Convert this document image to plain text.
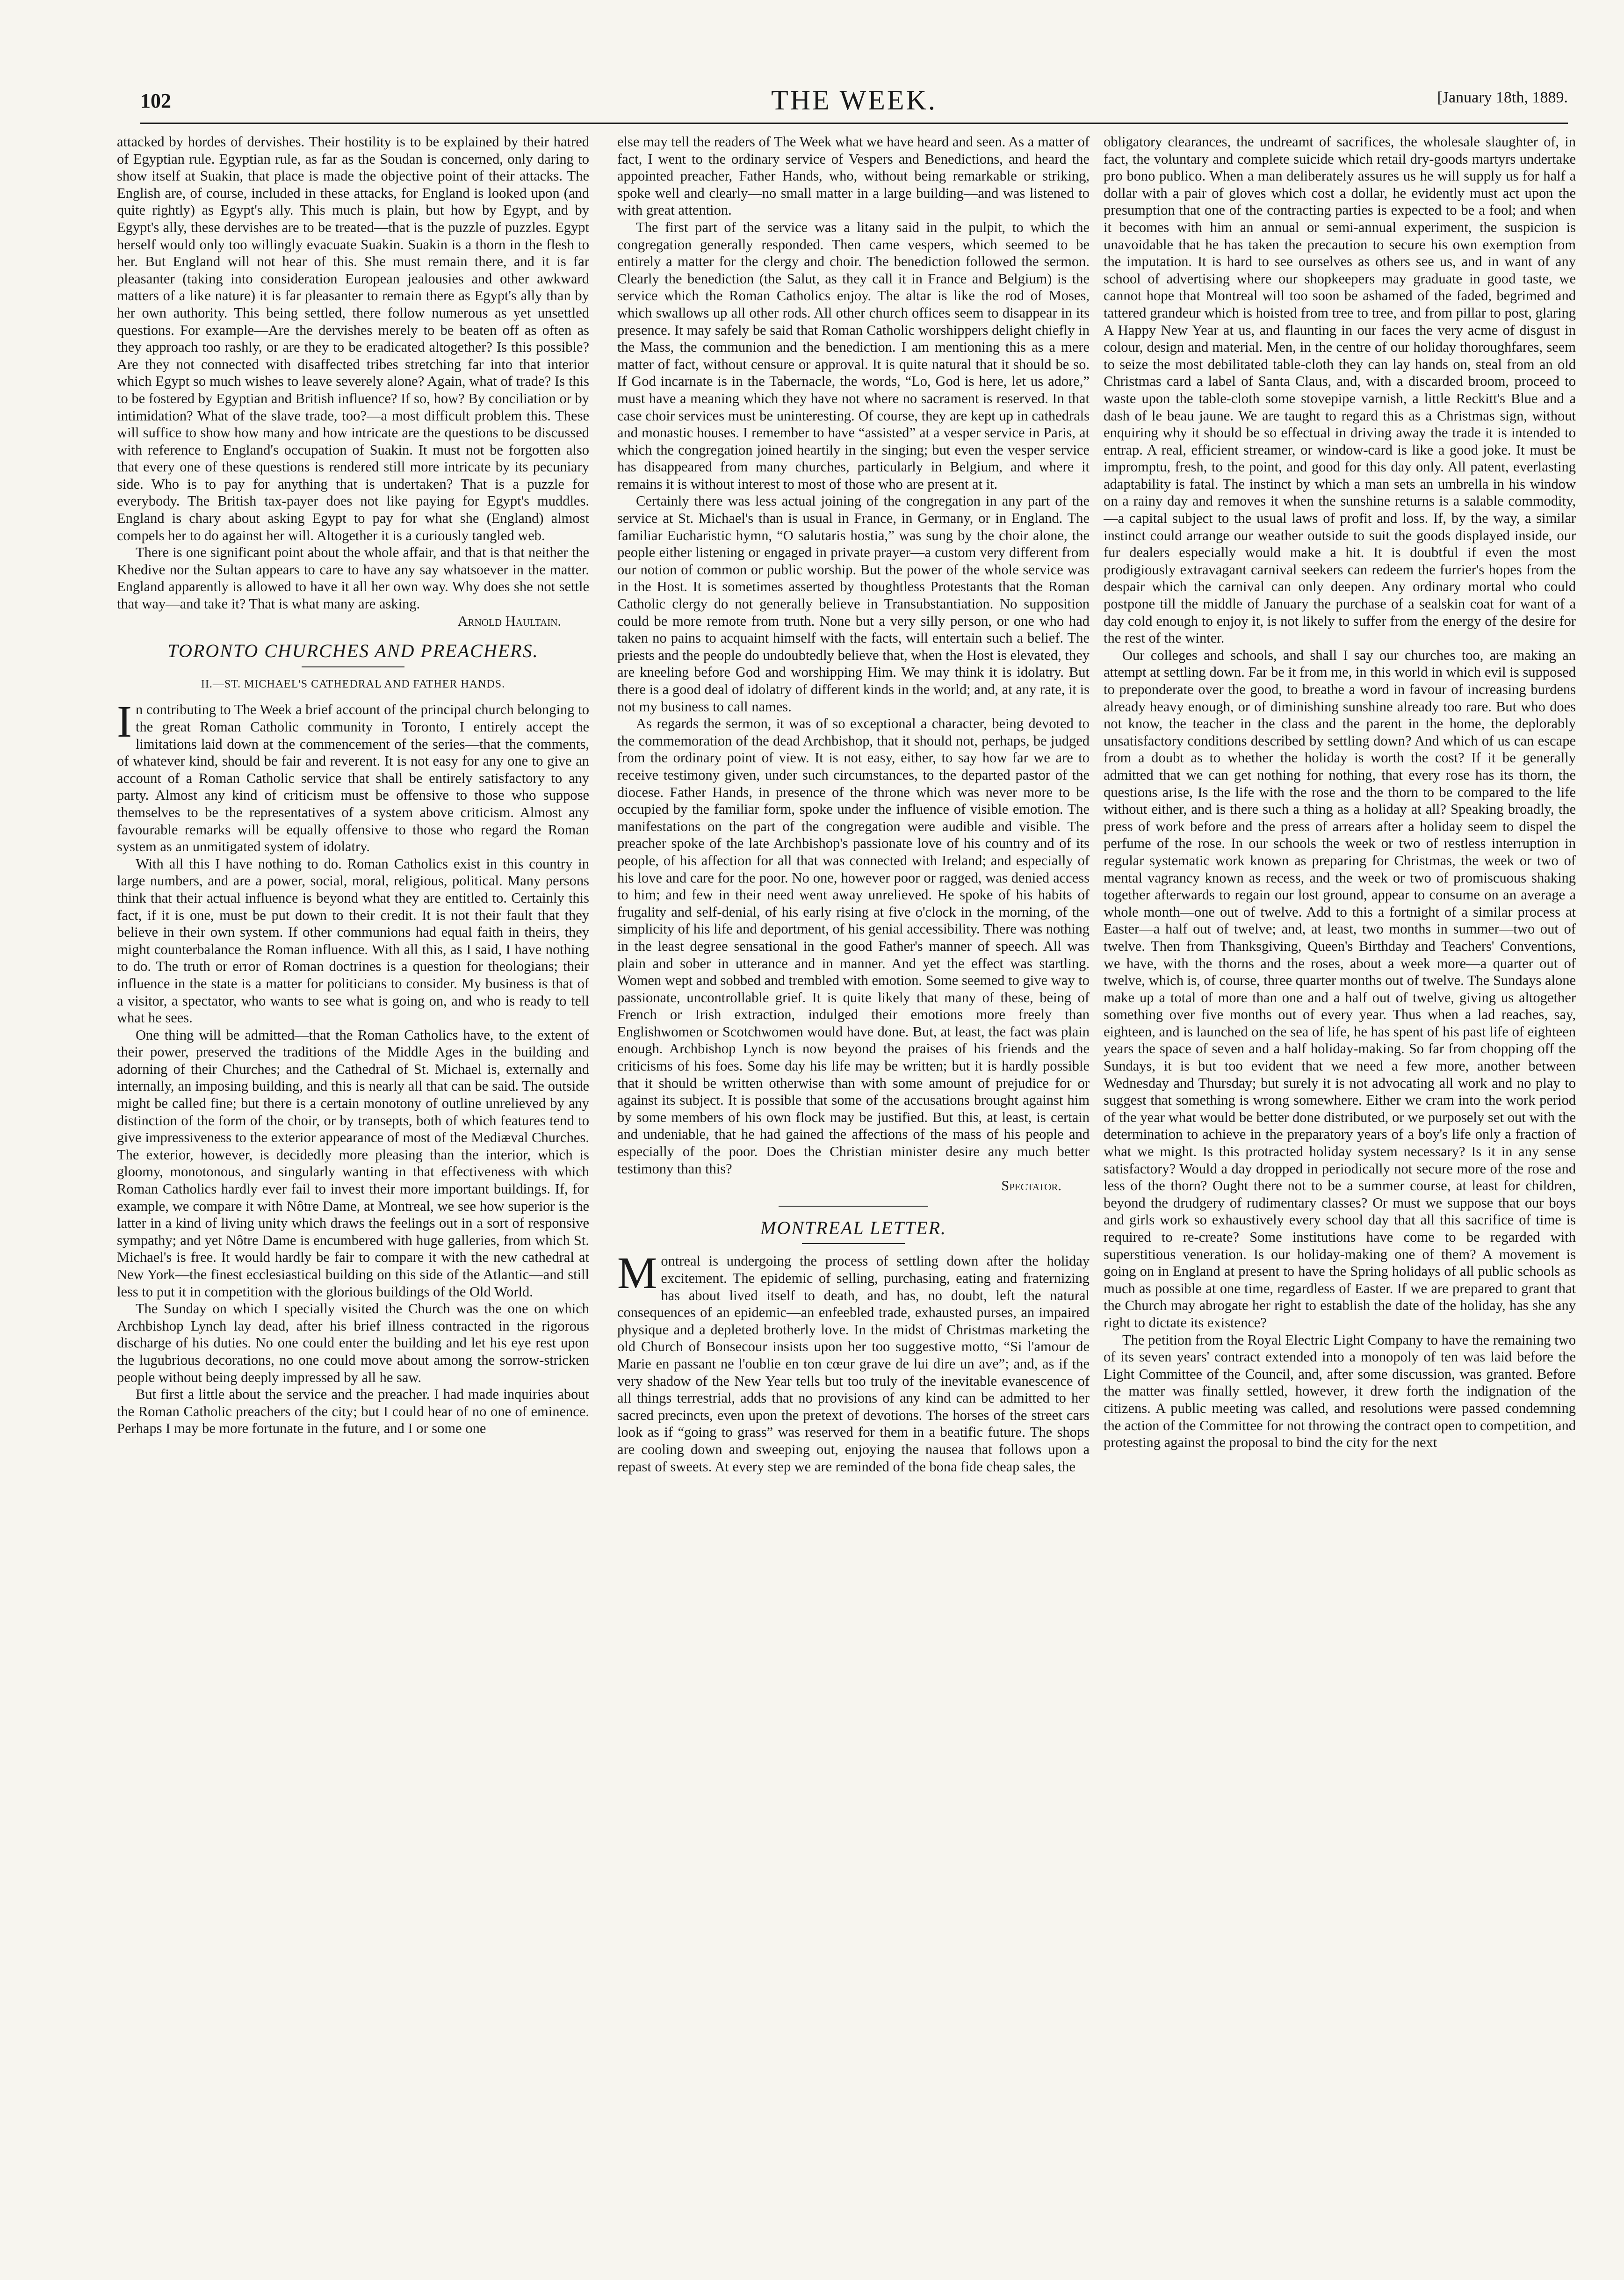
102	THE WEEK.	[January 18th, 1889.

attacked by hordes of dervishes. Their hostility is to be explained by their hatred of Egyptian rule. Egyptian rule, as far as the Soudan is concerned, only daring to show itself at Suakin, that place is made the objective point of their attacks. The English are, of course, included in these attacks, for England is looked upon (and quite rightly) as Egypt's ally. This much is plain, but how by Egypt, and by Egypt's ally, these dervishes are to be treated—that is the puzzle of puzzles. Egypt herself would only too willingly evacuate Suakin. Suakin is a thorn in the flesh to her. But England will not hear of this. She must remain there, and it is far pleasanter (taking into consideration European jealousies and other awkward matters of a like nature) it is far pleasanter to remain there as Egypt's ally than by her own authority. This being settled, there follow numerous as yet unsettled questions. For example—Are the dervishes merely to be beaten off as often as they approach too rashly, or are they to be eradicated altogether? Is this possible? Are they not connected with disaffected tribes stretching far into that interior which Egypt so much wishes to leave severely alone? Again, what of trade? Is this to be fostered by Egyptian and British influence? If so, how? By conciliation or by intimidation? What of the slave trade, too?—a most difficult problem this. These will suffice to show how many and how intricate are the questions to be discussed with reference to England's occupation of Suakin. It must not be forgotten also that every one of these questions is rendered still more intricate by its pecuniary side. Who is to pay for anything that is undertaken? That is a puzzle for everybody. The British tax-payer does not like paying for Egypt's muddles. England is chary about asking Egypt to pay for what she (England) almost compels her to do against her will. Altogether it is a curiously tangled web.

There is one significant point about the whole affair, and that is that neither the Khedive nor the Sultan appears to care to have any say whatsoever in the matter. England apparently is allowed to have it all her own way. Why does she not settle that way—and take it? That is what many are asking.

Arnold Haultain.
TORONTO CHURCHES AND PREACHERS.
II.—ST. MICHAEL'S CATHEDRAL AND FATHER HANDS.

In contributing to The Week a brief account of the principal church belonging to the great Roman Catholic community in Toronto, I entirely accept the limitations laid down at the commencement of the series—that the comments, of whatever kind, should be fair and reverent. It is not easy for any one to give an account of a Roman Catholic service that shall be entirely satisfactory to any party. Almost any kind of criticism must be offensive to those who suppose themselves to be the representatives of a system above criticism. Almost any favourable remarks will be equally offensive to those who regard the Roman system as an unmitigated system of idolatry.

With all this I have nothing to do. Roman Catholics exist in this country in large numbers, and are a power, social, moral, religious, political. Many persons think that their actual influence is beyond what they are entitled to. Certainly this fact, if it is one, must be put down to their credit. It is not their fault that they believe in their own system. If other communions had equal faith in theirs, they might counterbalance the Roman influence. With all this, as I said, I have nothing to do. The truth or error of Roman doctrines is a question for theologians; their influence in the state is a matter for politicians to consider. My business is that of a visitor, a spectator, who wants to see what is going on, and who is ready to tell what he sees.

One thing will be admitted—that the Roman Catholics have, to the extent of their power, preserved the traditions of the Middle Ages in the building and adorning of their Churches; and the Cathedral of St. Michael is, externally and internally, an imposing building, and this is nearly all that can be said. The outside might be called fine; but there is a certain monotony of outline unrelieved by any distinction of the form of the choir, or by transepts, both of which features tend to give impressiveness to the exterior appearance of most of the Mediæval Churches. The exterior, however, is decidedly more pleasing than the interior, which is gloomy, monotonous, and singularly wanting in that effectiveness with which Roman Catholics hardly ever fail to invest their more important buildings. If, for example, we compare it with Nôtre Dame, at Montreal, we see how superior is the latter in a kind of living unity which draws the feelings out in a sort of responsive sympathy; and yet Nôtre Dame is encumbered with huge galleries, from which St. Michael's is free. It would hardly be fair to compare it with the new cathedral at New York—the finest ecclesiastical building on this side of the Atlantic—and still less to put it in competition with the glorious buildings of the Old World.

The Sunday on which I specially visited the Church was the one on which Archbishop Lynch lay dead, after his brief illness contracted in the rigorous discharge of his duties. No one could enter the building and let his eye rest upon the lugubrious decorations, no one could move about among the sorrow-stricken people without being deeply impressed by all he saw.

But first a little about the service and the preacher. I had made inquiries about the Roman Catholic preachers of the city; but I could hear of no one of eminence. Perhaps I may be more fortunate in the future, and I or some one

else may tell the readers of The Week what we have heard and seen. As a matter of fact, I went to the ordinary service of Vespers and Benedictions, and heard the appointed preacher, Father Hands, who, without being remarkable or striking, spoke well and clearly—no small matter in a large building—and was listened to with great attention.

The first part of the service was a litany said in the pulpit, to which the congregation generally responded. Then came vespers, which seemed to be entirely a matter for the clergy and choir. The benediction followed the sermon. Clearly the benediction (the Salut, as they call it in France and Belgium) is the service which the Roman Catholics enjoy. The altar is like the rod of Moses, which swallows up all other rods. All other church offices seem to disappear in its presence. It may safely be said that Roman Catholic worshippers delight chiefly in the Mass, the communion and the benediction. I am mentioning this as a mere matter of fact, without censure or approval. It is quite natural that it should be so. If God incarnate is in the Tabernacle, the words, “Lo, God is here, let us adore,” must have a meaning which they have not where no sacrament is reserved. In that case choir services must be uninteresting. Of course, they are kept up in cathedrals and monastic houses. I remember to have “assisted” at a vesper service in Paris, at which the congregation joined heartily in the singing; but even the vesper service has disappeared from many churches, particularly in Belgium, and where it remains it is without interest to most of those who are present at it.

Certainly there was less actual joining of the congregation in any part of the service at St. Michael's than is usual in France, in Germany, or in England. The familiar Eucharistic hymn, “O salutaris hostia,” was sung by the choir alone, the people either listening or engaged in private prayer—a custom very different from our notion of common or public worship. But the power of the whole service was in the Host. It is sometimes asserted by thoughtless Protestants that the Roman Catholic clergy do not generally believe in Transubstantiation. No supposition could be more remote from truth. None but a very silly person, or one who had taken no pains to acquaint himself with the facts, will entertain such a belief. The priests and the people do undoubtedly believe that, when the Host is elevated, they are kneeling before God and worshipping Him. We may think it is idolatry. But there is a good deal of idolatry of different kinds in the world; and, at any rate, it is not my business to call names.

As regards the sermon, it was of so exceptional a character, being devoted to the commemoration of the dead Archbishop, that it should not, perhaps, be judged from the ordinary point of view. It is not easy, either, to say how far we are to receive testimony given, under such circumstances, to the departed pastor of the diocese. Father Hands, in presence of the throne which was never more to be occupied by the familiar form, spoke under the influence of visible emotion. The manifestations on the part of the congregation were audible and visible. The preacher spoke of the late Archbishop's passionate love of his country and of its people, of his affection for all that was connected with Ireland; and especially of his love and care for the poor. No one, however poor or ragged, was denied access to him; and few in their need went away unrelieved. He spoke of his habits of frugality and self-denial, of his early rising at five o'clock in the morning, of the simplicity of his life and deportment, of his genial accessibility. There was nothing in the least degree sensational in the good Father's manner of speech. All was plain and sober in utterance and in manner. And yet the effect was startling. Women wept and sobbed and trembled with emotion. Some seemed to give way to passionate, uncontrollable grief. It is quite likely that many of these, being of French or Irish extraction, indulged their emotions more freely than Englishwomen or Scotchwomen would have done. But, at least, the fact was plain enough. Archbishop Lynch is now beyond the praises of his friends and the criticisms of his foes. Some day his life may be written; but it is hardly possible that it should be written otherwise than with some amount of prejudice for or against its subject. It is possible that some of the accusations brought against him by some members of his own flock may be justified. But this, at least, is certain and undeniable, that he had gained the affections of the mass of his people and especially of the poor. Does the Christian minister desire any much better testimony than this?

Spectator.
MONTREAL LETTER.

Montreal is undergoing the process of settling down after the holiday excitement. The epidemic of selling, purchasing, eating and fraternizing has about lived itself to death, and has, no doubt, left the natural consequences of an epidemic—an enfeebled trade, exhausted purses, an impaired physique and a depleted brotherly love. In the midst of Christmas marketing the old Church of Bonsecour insists upon her too suggestive motto, “Si l'amour de Marie en passant ne l'oublie en ton cœur grave de lui dire un ave”; and, as if the very shadow of the New Year tells but too truly of the inevitable evanescence of all things terrestrial, adds that no provisions of any kind can be admitted to her sacred precincts, even upon the pretext of devotions. The horses of the street cars look as if “going to grass” was reserved for them in a beatific future. The shops are cooling down and sweeping out, enjoying the nausea that follows upon a repast of sweets. At every step we are reminded of the bona fide cheap sales, the

obligatory clearances, the undreamt of sacrifices, the wholesale slaughter of, in fact, the voluntary and complete suicide which retail dry-goods martyrs undertake pro bono publico. When a man deliberately assures us he will supply us for half a dollar with a pair of gloves which cost a dollar, he evidently must act upon the presumption that one of the contracting parties is expected to be a fool; and when it becomes with him an annual or semi-annual experiment, the suspicion is unavoidable that he has taken the precaution to secure his own exemption from the imputation. It is hard to see ourselves as others see us, and in want of any school of advertising where our shopkeepers may graduate in good taste, we cannot hope that Montreal will too soon be ashamed of the faded, begrimed and tattered grandeur which is hoisted from tree to tree, and from pillar to post, glaring A Happy New Year at us, and flaunting in our faces the very acme of disgust in colour, design and material. Men, in the centre of our holiday thoroughfares, seem to seize the most debilitated table-cloth they can lay hands on, steal from an old Christmas card a label of Santa Claus, and, with a discarded broom, proceed to waste upon the table-cloth some stovepipe varnish, a little Reckitt's Blue and a dash of le beau jaune. We are taught to regard this as a Christmas sign, without enquiring why it should be so effectual in driving away the trade it is intended to entrap. A real, efficient streamer, or window-card is like a good joke. It must be impromptu, fresh, to the point, and good for this day only. All patent, everlasting adaptability is fatal. The instinct by which a man sets an umbrella in his window on a rainy day and removes it when the sunshine returns is a salable commodity,—a capital subject to the usual laws of profit and loss. If, by the way, a similar instinct could arrange our weather outside to suit the goods displayed inside, our fur dealers especially would make a hit. It is doubtful if even the most prodigiously extravagant carnival seekers can redeem the furrier's hopes from the despair which the carnival can only deepen. Any ordinary mortal who could postpone till the middle of January the purchase of a sealskin coat for want of a day cold enough to enjoy it, is not likely to suffer from the energy of the desire for the rest of the winter.

Our colleges and schools, and shall I say our churches too, are making an attempt at settling down. Far be it from me, in this world in which evil is supposed to preponderate over the good, to breathe a word in favour of increasing burdens already heavy enough, or of diminishing sunshine already too rare. But who does not know, the teacher in the class and the parent in the home, the deplorably unsatisfactory conditions described by settling down? And which of us can escape from a doubt as to whether the holiday is worth the cost? If it be generally admitted that we can get nothing for nothing, that every rose has its thorn, the questions arise, Is the life with the rose and the thorn to be compared to the life without either, and is there such a thing as a holiday at all? Speaking broadly, the press of work before and the press of arrears after a holiday seem to dispel the perfume of the rose. In our schools the week or two of restless interruption in regular systematic work known as preparing for Christmas, the week or two of mental vagrancy known as recess, and the week or two of promiscuous shaking together afterwards to regain our lost ground, appear to consume on an average a whole month—one out of twelve. Add to this a fortnight of a similar process at Easter—a half out of twelve; and, at least, two months in summer—two out of twelve. Then from Thanksgiving, Queen's Birthday and Teachers' Conventions, we have, with the thorns and the roses, about a week more—a quarter out of twelve, which is, of course, three quarter months out of twelve. The Sundays alone make up a total of more than one and a half out of twelve, giving us altogether something over five months out of every year. Thus when a lad reaches, say, eighteen, and is launched on the sea of life, he has spent of his past life of eighteen years the space of seven and a half holiday-making. So far from chopping off the Sundays, it is but too evident that we need a few more, another between Wednesday and Thursday; but surely it is not advocating all work and no play to suggest that something is wrong somewhere. Either we cram into the work period of the year what would be better done distributed, or we purposely set out with the determination to achieve in the preparatory years of a boy's life only a fraction of what we might. Is this protracted holiday system necessary? Is it in any sense satisfactory? Would a day dropped in periodically not secure more of the rose and less of the thorn? Ought there not to be a summer course, at least for children, beyond the drudgery of rudimentary classes? Or must we suppose that our boys and girls work so exhaustively every school day that all this sacrifice of time is required to re-create? Some institutions have come to be regarded with superstitious veneration. Is our holiday-making one of them? A movement is going on in England at present to have the Spring holidays of all public schools as much as possible at one time, regardless of Easter. If we are prepared to grant that the Church may abrogate her right to establish the date of the holiday, has she any right to dictate its existence?

The petition from the Royal Electric Light Company to have the remaining two of its seven years' contract extended into a monopoly of ten was laid before the Light Committee of the Council, and, after some discussion, was granted. Before the matter was finally settled, however, it drew forth the indignation of the citizens. A public meeting was called, and resolutions were passed condemning the action of the Committee for not throwing the contract open to competition, and protesting against the proposal to bind the city for the next
